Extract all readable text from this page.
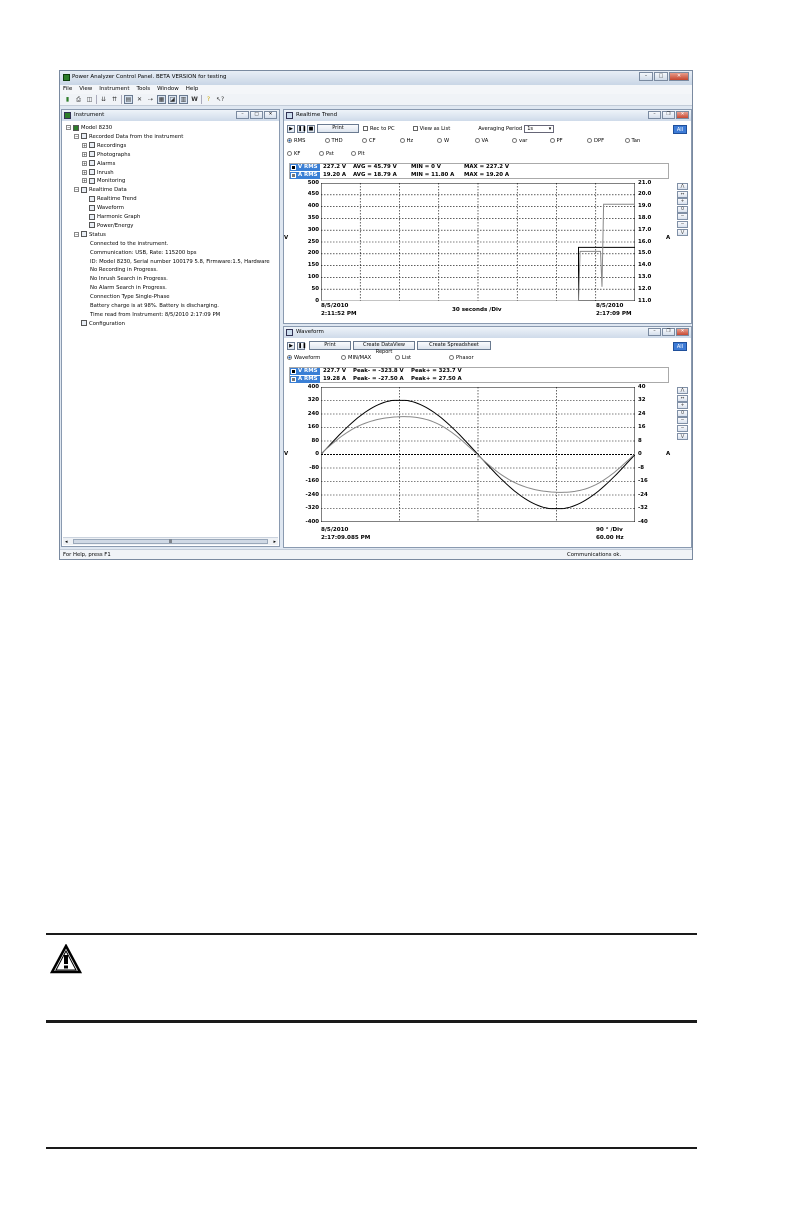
Power Analyzer Control Panel. BETA VERSION for testing	–	□	✕
File View Instrument Tools Window Help
▮	⎙ ◫	⇊ ⇈	▤ ✕ ⇢ ▦ ◪ ▥ W	? ↖?
Instrument	–	□	✕
− Model 8230
− Recorded Data from the instrument
+ Recordings
+ Photographs
+ Alarms
+ Inrush
+ Monitoring
− Realtime Data
Realtime Trend
Waveform
Harmonic Graph
Power/Energy
− Status
Connected to the instrument.
Communication: USB, Rate: 115200 bps
ID: Model 8230, Serial number 100179 5.8, Firmware:1.5, Hardware
No Recording in Progress.
No Inrush Search in Progress.
No Alarm Search in Progress.
Connection Type Single-Phase
Battery charge is at 98%. Battery is discharging.
Time read from Instrument: 8/5/2010 2:17:09 PM
Configuration
◂	III	▸
Realtime Trend	–	❐	✕
▶	❚❚ ■	Print	Rec to PC	View as List	Averaging Period	1s	▾	All
RMS	THD	CF	Hz	W	VA	var	PF	DPF	Tan
KF	Pst	Plt
V RMS	227.2 V AVG = 45.79 V	MIN = 0 V	MAX = 227.2 V
A RMS	19.20 A AVG = 18.79 A	MIN = 11.80 A MAX = 19.20 A
V	A
⋀
↔
+
0
−
−
⋁
8/5/2010
2:11:52 PM
30 seconds /Div
8/5/2010
2:17:09 PM
500
450
400
350
300
250
200
150
100
50
0
21.0
20.0
19.0
18.0
17.0
16.0
15.0
14.0
13.0
12.0
11.0
Waveform	–	❐	✕
▶	❚❚	Print	Create DataView Report
Create Spreadsheet	All
Waveform	MIN/MAX	List	Phasor
V RMS	227.7 V Peak- = -323.8 V Peak+ = 323.7 V
A RMS	19.28 A Peak- = -27.50 A Peak+ = 27.50 A
V	A
⋀
↔
+
0
−
−
⋁
8/5/2010
2:17:09.085 PM
90 ° /Div
60.00 Hz
400
320
240
160
80
0
-80
-160
-240
-320
-400
40
32
24
16
8
0
-8
-16
-24
-32
-40
For Help, press F1	Communications ok.
